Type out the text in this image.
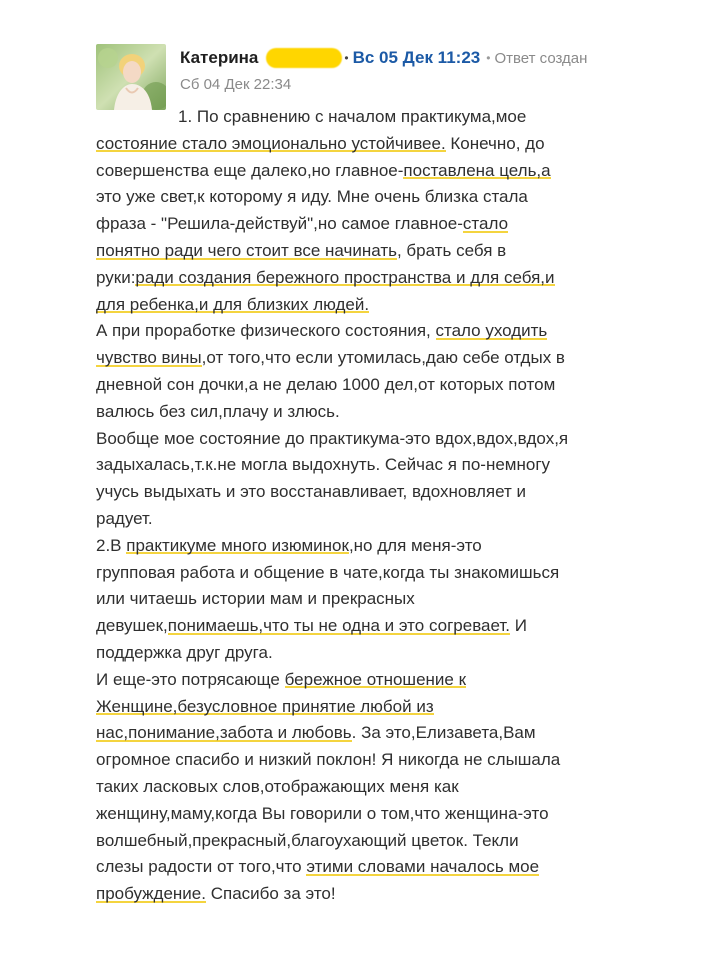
Катерина	• Вс 05 Дек 11:23 • Ответ создан
Сб 04 Дек 22:34
1. По сравнению с началом практикума,мое
состояние стало эмоционально устойчивее. Конечно, до
совершенства еще далеко,но главное-поставлена цель,а
это уже свет,к которому я иду. Мне очень близка стала
фраза - "Решила-действуй",но самое главное-стало
понятно ради чего стоит все начинать, брать себя в
руки:ради создания бережного пространства и для себя,и
для ребенка,и для близких людей.
А при проработке физического состояния, стало уходить
чувство вины,от того,что если утомилась,даю себе отдых в
дневной сон дочки,а не делаю 1000 дел,от которых потом
валюсь без сил,плачу и злюсь.
Вообще мое состояние до практикума-это вдох,вдох,вдох,я
задыхалась,т.к.не могла выдохнуть. Сейчас я по-немногу
учусь выдыхать и это восстанавливает, вдохновляет и
радует.
2.В практикуме много изюминок,но для меня-это
групповая работа и общение в чате,когда ты знакомишься
или читаешь истории мам и прекрасных
девушек,понимаешь,что ты не одна и это согревает. И
поддержка друг друга.
И еще-это потрясающе бережное отношение к
Женщине,безусловное принятие любой из
нас,понимание,забота и любовь. За это,Елизавета,Вам
огромное спасибо и низкий поклон! Я никогда не слышала
таких ласковых слов,отображающих меня как
женщину,маму,когда Вы говорили о том,что женщина-это
волшебный,прекрасный,благоухающий цветок. Текли
слезы радости от того,что этими словами началось мое
пробуждение. Спасибо за это!
